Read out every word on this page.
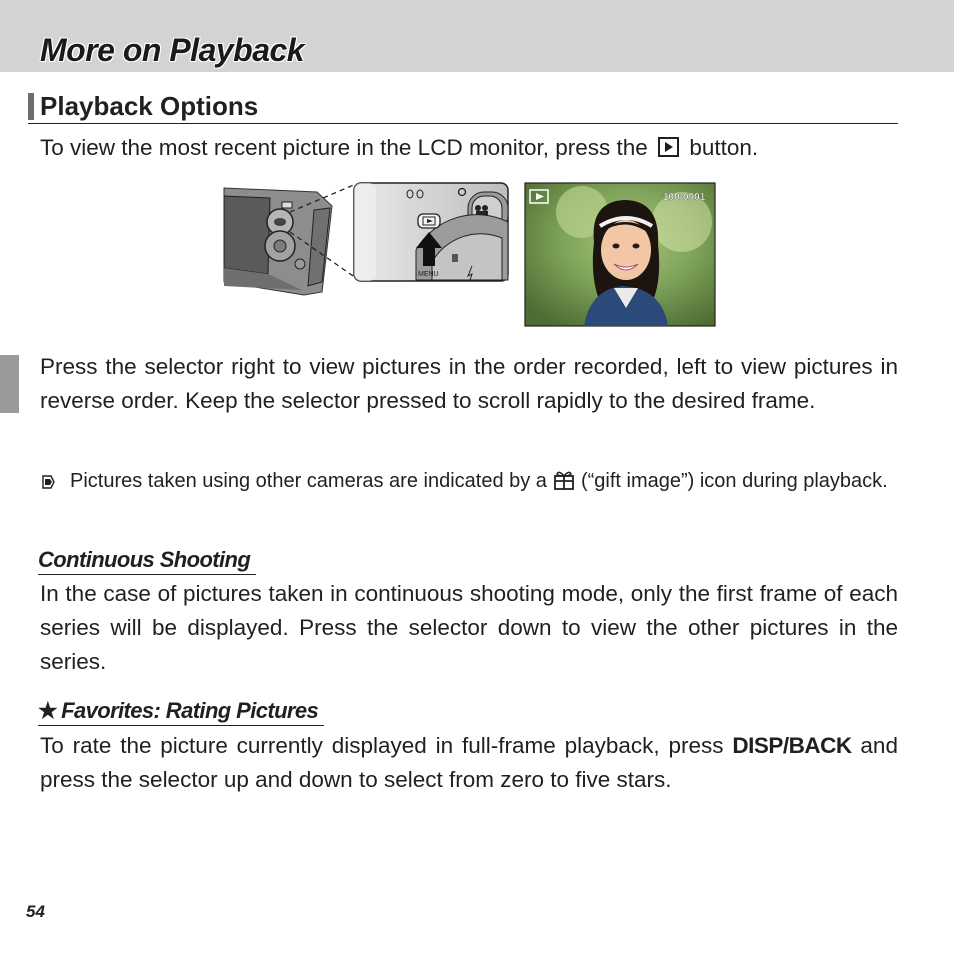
More on Playback
Playback Options

To view the most recent picture in the LCD monitor, press the button.

MENU
100-0001

Press the selector right to view pictures in the order recorded, left to view pictures in reverse order. Keep the selector pressed to scroll rapidly to the desired frame.

Pictures taken using other cameras are indicated by a (“gift image”) icon during playback.

Continuous Shooting

In the case of pictures taken in continuous shooting mode, only the first frame of each series will be displayed. Press the selector down to view the other pictures in the series.

★ Favorites: Rating Pictures

To rate the picture currently displayed in full-frame playback, press DISP/BACK and press the selector up and down to select from zero to five stars.

54
